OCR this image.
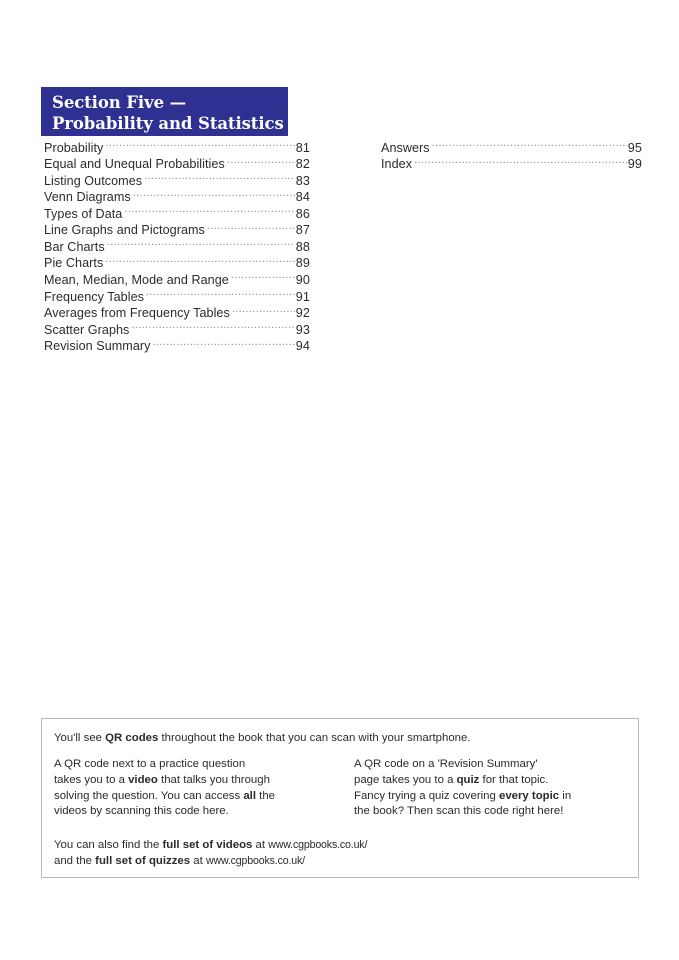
Section Five —
Probability and Statistics
Probability .....	81
Equal and Unequal Probabilities .....	82
Listing Outcomes .....	83
Venn Diagrams .....	84
Types of Data .....	86
Line Graphs and Pictograms .....	87
Bar Charts .....	88
Pie Charts .....	89
Mean, Median, Mode and Range .....	90
Frequency Tables .....	91
Averages from Frequency Tables .....	92
Scatter Graphs .....	93
Revision Summary .....	94
Answers .....	95
Index .....	99
You'll see QR codes throughout the book that you can scan with your smartphone.

A QR code next to a practice question

takes you to a video that talks you through

solving the question. You can access all the

videos by scanning this code here.

A QR code on a 'Revision Summary'

page takes you to a quiz for that topic.

Fancy trying a quiz covering every topic in

the book? Then scan this code right here!

You can also find the full set of videos at www.cgpbooks.co.uk/

and the full set of quizzes at www.cgpbooks.co.uk/
